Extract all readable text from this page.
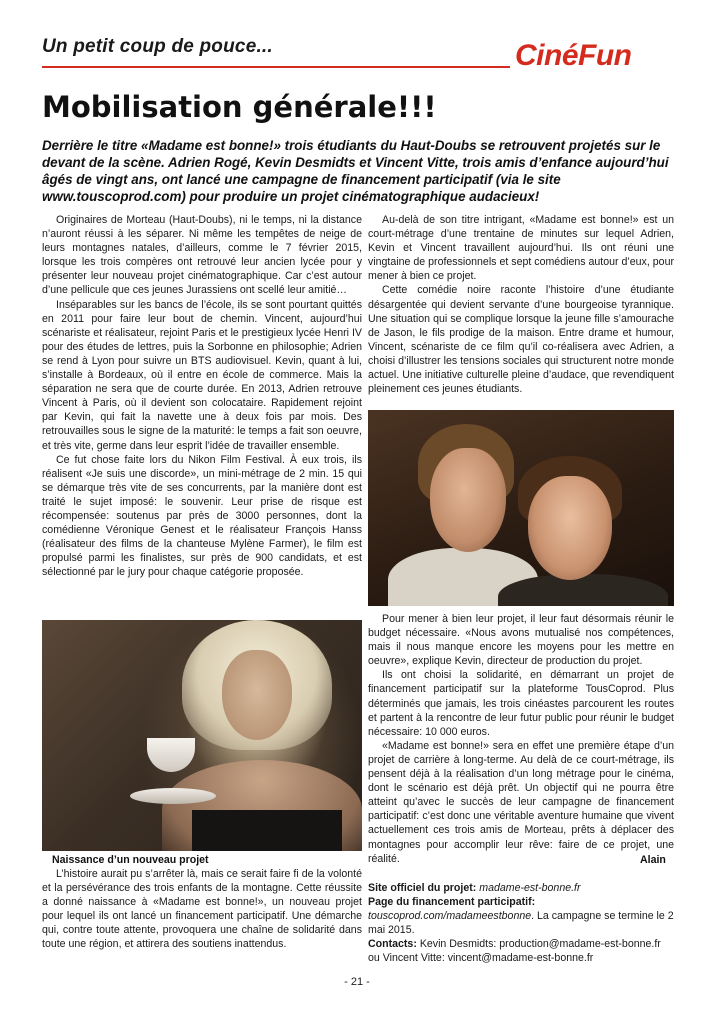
Un petit coup de pouce...	CinéFun
Mobilisation générale!!!

Derrière le titre «Madame est bonne!» trois étudiants du Haut-Doubs se retrouvent projetés sur le devant de la scène. Adrien Rogé, Kevin Desmidts et Vincent Vitte, trois amis d’enfance aujourd’hui âgés de vingt ans, ont lancé une campagne de financement participatif (via le site www.touscoprod.com) pour produire un projet cinématographique audacieux!

Originaires de Morteau (Haut-Doubs), ni le temps, ni la distance n’auront réussi à les séparer. Ni même les tempêtes de neige de leurs montagnes natales, d’ailleurs, comme le 7 février 2015, lorsque les trois compères ont retrouvé leur ancien lycée pour y présenter leur nouveau projet cinématographique. Car c’est autour d’une pellicule que ces jeunes Jurassiens ont scellé leur amitié…

Inséparables sur les bancs de l’école, ils se sont pourtant quittés en 2011 pour faire leur bout de chemin. Vincent, aujourd’hui scénariste et réalisateur, rejoint Paris et le prestigieux lycée Henri IV pour des études de lettres, puis la Sorbonne en philosophie; Adrien se rend à Lyon pour suivre un BTS audiovisuel. Kevin, quant à lui, s’installe à Bordeaux, où il entre en école de commerce. Mais la séparation ne sera que de courte durée. En 2013, Adrien retrouve Vincent à Paris, où il devient son colocataire. Rapidement rejoint par Kevin, qui fait la navette une à deux fois par mois. Des retrouvailles sous le signe de la maturité: le temps a fait son oeuvre, et très vite, germe dans leur esprit l’idée de travailler ensemble.

Ce fut chose faite lors du Nikon Film Festival. À eux trois, ils réalisent «Je suis une discorde», un mini-métrage de 2 min. 15 qui se démarque très vite de ses concurrents, par la manière dont est traité le sujet imposé: le souvenir. Leur prise de risque est récompensée: soutenus par près de 3000 personnes, dont la comédienne Véronique Genest et le réalisateur François Hanss (réalisateur des films de la chanteuse Mylène Farmer), le film est propulsé parmi les finalistes, sur près de 900 candidats, et est sélectionné par le jury pour chaque catégorie proposée.

Au-delà de son titre intrigant, «Madame est bonne!» est un court-métrage d’une trentaine de minutes sur lequel Adrien, Kevin et Vincent travaillent aujourd’hui. Ils ont réuni une vingtaine de professionnels et sept comédiens autour d’eux, pour mener à bien ce projet.

Cette comédie noire raconte l’histoire d’une étudiante désargentée qui devient servante d’une bourgeoise tyrannique. Une situation qui se complique lorsque la jeune fille s’amourache de Jason, le fils prodige de la maison. Entre drame et humour, Vincent, scénariste de ce film qu’il co-réalisera avec Adrien, a choisi d’illustrer les tensions sociales qui structurent notre monde actuel. Une initiative culturelle pleine d’audace, que revendiquent pleinement ces jeunes étudiants.

Naissance d’un nouveau projet

L’histoire aurait pu s’arrêter là, mais ce serait faire fi de la volonté et la persévérance des trois enfants de la montagne. Cette réussite a donné naissance à «Madame est bonne!», un nouveau projet pour lequel ils ont lancé un financement participatif. Une démarche qui, contre toute attente, provoquera une chaîne de solidarité dans toute une région, et attirera des soutiens inattendus.

Pour mener à bien leur projet, il leur faut désormais réunir le budget nécessaire. «Nous avons mutualisé nos compétences, mais il nous manque encore les moyens pour les mettre en oeuvre», explique Kevin, directeur de production du projet.

Ils ont choisi la solidarité, en démarrant un projet de financement participatif sur la plateforme TousCoprod. Plus déterminés que jamais, les trois cinéastes parcourent les routes et partent à la rencontre de leur futur public pour réunir le budget nécessaire: 10 000 euros.

«Madame est bonne!» sera en effet une première étape d’un projet de carrière à long-terme. Au delà de ce court-métrage, ils pensent déjà à la réalisation d’un long métrage pour le cinéma, dont le scénario est déjà prêt. Un objectif qui ne pourra être atteint qu’avec le succès de leur campagne de financement participatif: c’est donc une véritable aventure humaine que vivent actuellement ces trois amis de Morteau, prêts à déplacer des montagnes pour accomplir leur rêve: faire de ce projet, une réalité.	Alain
Site officiel du projet: madame-est-bonne.fr
Page du financement participatif:
touscoprod.com/madameestbonne. La campagne se termine le 2 mai 2015.
Contacts: Kevin Desmidts: production@madame-est-bonne.fr ou Vincent Vitte: vincent@madame-est-bonne.fr
- 21 -
